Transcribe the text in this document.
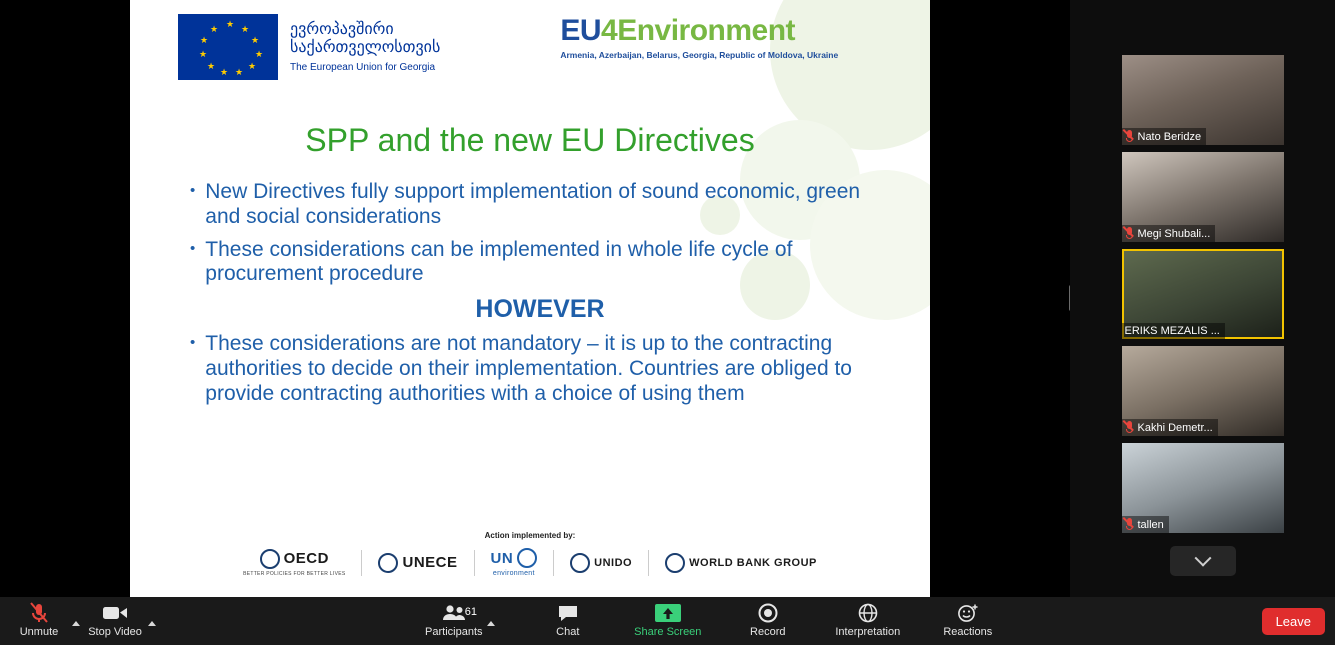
★ ★
★
★
★
★
★
★
★
★
★	ევროპავშირი
საქართველოსთვის
The European Union for Georgia
EU4Environment
Armenia, Azerbaijan, Belarus, Georgia, Republic of Moldova, Ukraine
SPP and the new EU Directives
• New Directives fully support implementation of sound economic, green and social considerations
• These considerations can be implemented in whole life cycle of procurement procedure
HOWEVER
• These considerations are not mandatory – it is up to the contracting authorities to decide on their implementation. Countries are obliged to provide contracting authorities with a choice of using them
Action implemented by:
OECD
BETTER POLICIES FOR BETTER LIVES
UNECE UN
environment
UNIDO	WORLD BANK GROUP
Nato Beridze
Megi Shubali...
ERIKS MEZALIS ...
Kakhi Demetr...
tallen
Unmute	Stop Video	Participants
61
Chat	Share Screen	Record	Interpretation	Reactions
Leave
